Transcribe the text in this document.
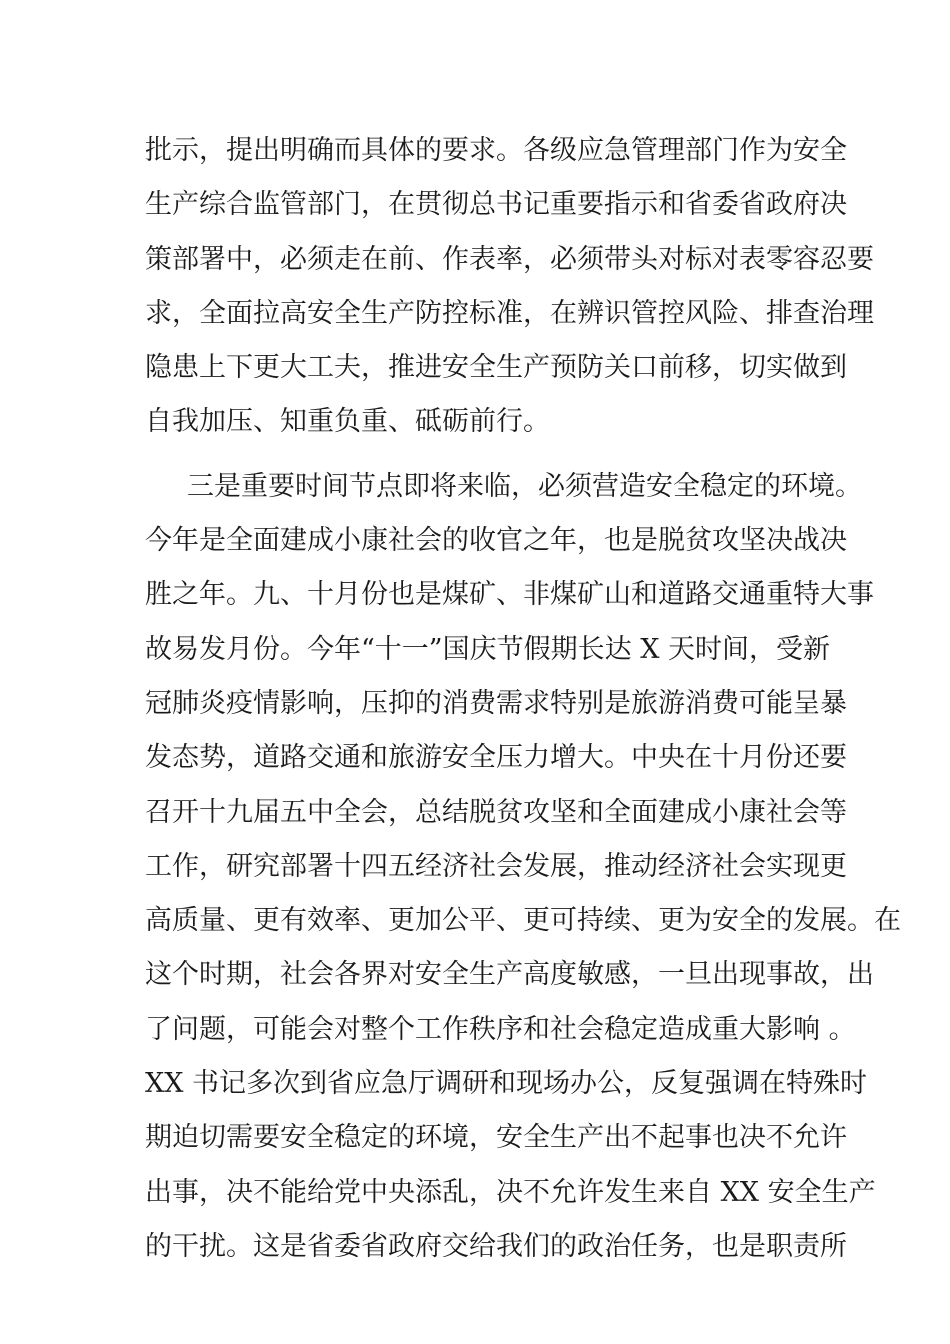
批示，提出明确而具体的要求。各级应急管理部门作为安全
生产综合监管部门，在贯彻总书记重要指示和省委省政府决
策部署中，必须走在前、作表率，必须带头对标对表零容忍要
求，全面拉高安全生产防控标准，在辨识管控风险、排查治理
隐患上下更大工夫，推进安全生产预防关口前移，切实做到
自我加压、知重负重、砥砺前行。
三是重要时间节点即将来临，必须营造安全稳定的环境。
今年是全面建成小康社会的收官之年，也是脱贫攻坚决战决
胜之年。九、十月份也是煤矿、非煤矿山和道路交通重特大事
故易发月份。今年“十一”国庆节假期长达 X 天时间，受新
冠肺炎疫情影响，压抑的消费需求特别是旅游消费可能呈暴
发态势，道路交通和旅游安全压力增大。中央在十月份还要
召开十九届五中全会，总结脱贫攻坚和全面建成小康社会等
工作，研究部署十四五经济社会发展，推动经济社会实现更
高质量、更有效率、更加公平、更可持续、更为安全的发展。在
这个时期，社会各界对安全生产高度敏感，一旦出现事故，出
了问题，可能会对整个工作秩序和社会稳定造成重大影响 。
XX 书记多次到省应急厅调研和现场办公，反复强调在特殊时
期迫切需要安全稳定的环境，安全生产出不起事也决不允许
出事，决不能给党中央添乱，决不允许发生来自 XX 安全生产
的干扰。这是省委省政府交给我们的政治任务，也是职责所
